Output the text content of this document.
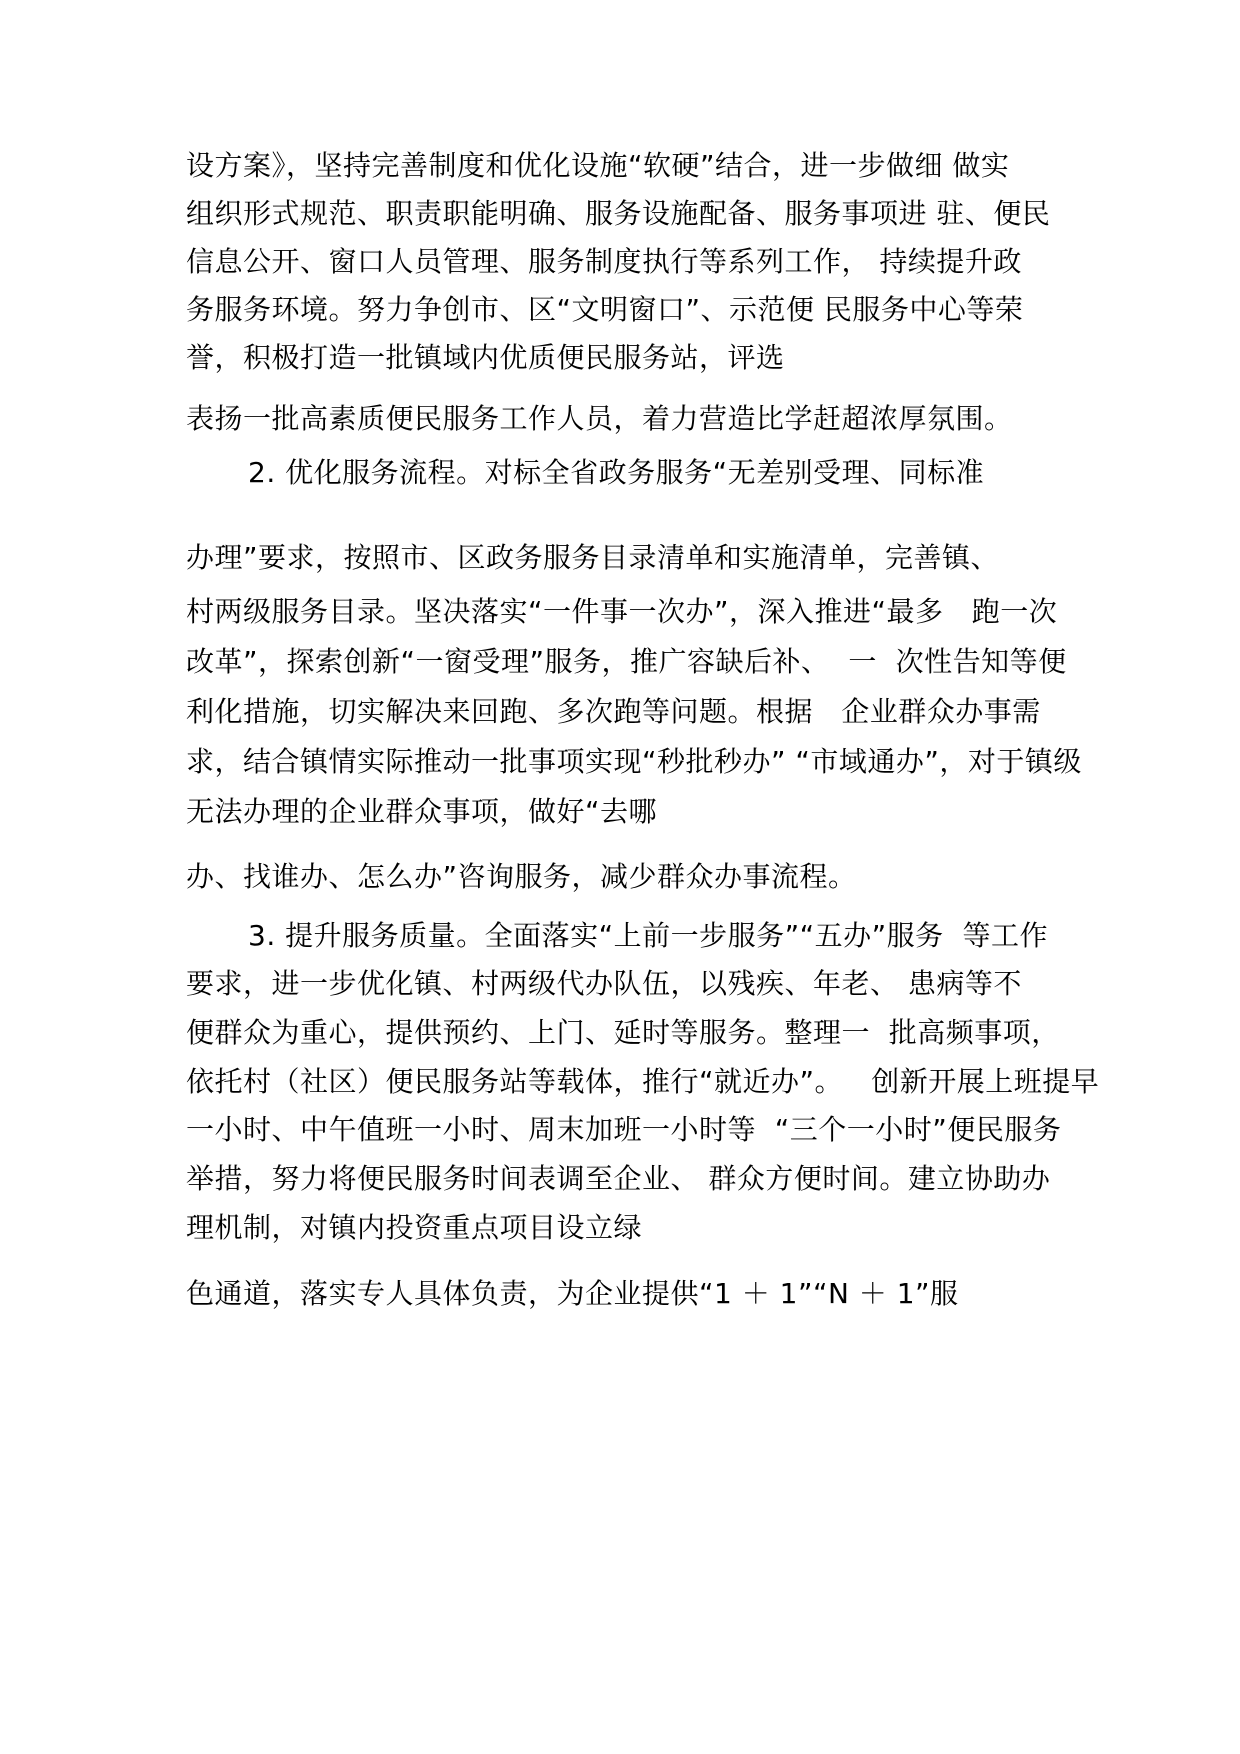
设方案》，坚持完善制度和优化设施“软硬”结合，进一步做细 做实
组织形式规范、职责职能明确、服务设施配备、服务事项进 驻、便民
信息公开、窗口人员管理、服务制度执行等系列工作， 持续提升政
务服务环境。努力争创市、区“文明窗口”、示范便 民服务中心等荣
誉，积极打造一批镇域内优质便民服务站，评选
表扬一批高素质便民服务工作人员，着力营造比学赶超浓厚氛围。
2. 优化服务流程。对标全省政务服务“无差别受理、同标准
办理”要求，按照市、区政务服务目录清单和实施清单，完善镇、
村两级服务目录。坚决落实“一件事一次办”，深入推进“最多   跑一次
改革”，探索创新“一窗受理”服务，推广容缺后补、  一  次性告知等便
利化措施，切实解决来回跑、多次跑等问题。根据   企业群众办事需
求，结合镇情实际推动一批事项实现“秒批秒办” “市域通办”，对于镇级
无法办理的企业群众事项，做好“去哪
办、找谁办、怎么办”咨询服务，减少群众办事流程。
3. 提升服务质量。全面落实“上前一步服务”“五办”服务  等工作
要求，进一步优化镇、村两级代办队伍，以残疾、年老、 患病等不
便群众为重心，提供预约、上门、延时等服务。整理一  批高频事项，
依托村（社区）便民服务站等载体，推行“就近办”。   创新开展上班提早
一小时、中午值班一小时、周末加班一小时等  “三个一小时”便民服务
举措，努力将便民服务时间表调至企业、 群众方便时间。建立协助办
理机制，对镇内投资重点项目设立绿
色通道，落实专人具体负责，为企业提供“1 ＋ 1”“N ＋ 1”服
